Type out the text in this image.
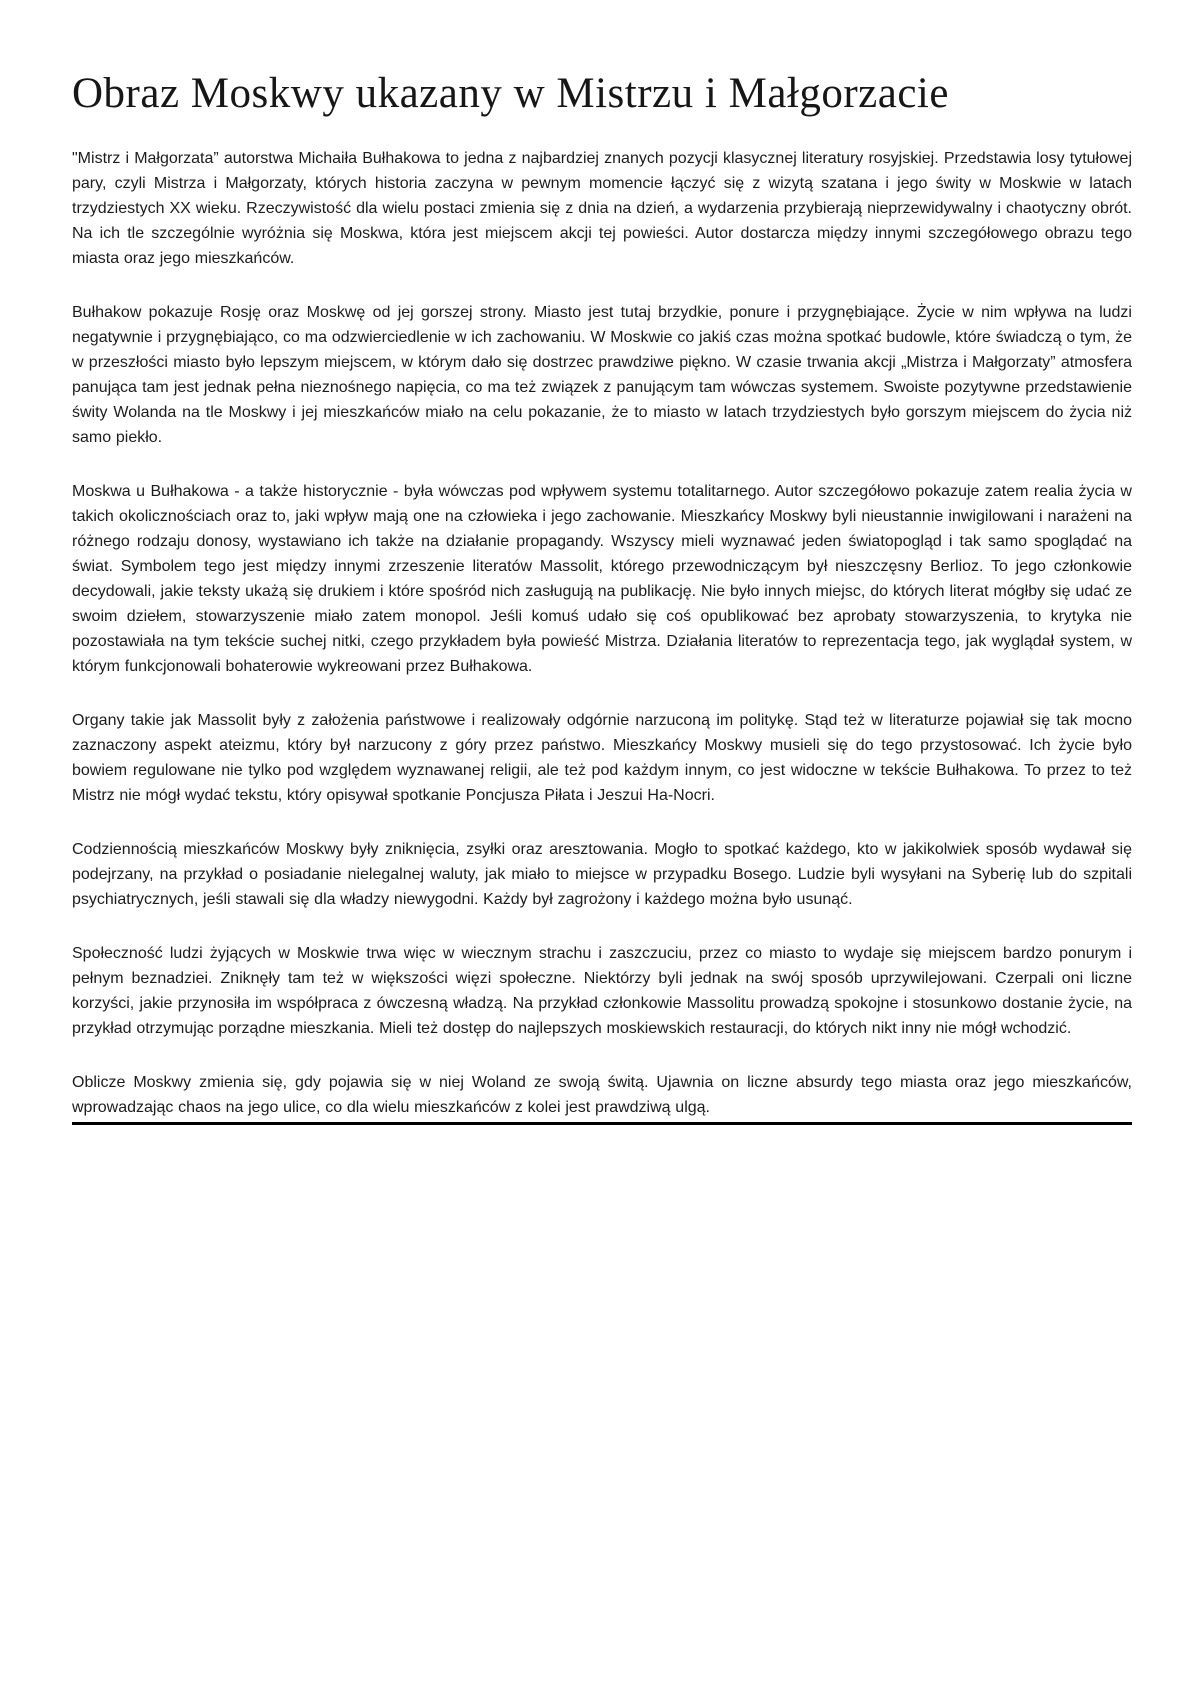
Obraz Moskwy ukazany w Mistrzu i Małgorzacie

"Mistrz i Małgorzata” autorstwa Michaiła Bułhakowa to jedna z najbardziej znanych pozycji klasycznej literatury rosyjskiej. Przedstawia losy tytułowej pary, czyli Mistrza i Małgorzaty, których historia zaczyna w pewnym momencie łączyć się z wizytą szatana i jego świty w Moskwie w latach trzydziestych XX wieku. Rzeczywistość dla wielu postaci zmienia się z dnia na dzień, a wydarzenia przybierają nieprzewidywalny i chaotyczny obrót. Na ich tle szczególnie wyróżnia się Moskwa, która jest miejscem akcji tej powieści. Autor dostarcza między innymi szczegółowego obrazu tego miasta oraz jego mieszkańców.

Bułhakow pokazuje Rosję oraz Moskwę od jej gorszej strony. Miasto jest tutaj brzydkie, ponure i przygnębiające. Życie w nim wpływa na ludzi negatywnie i przygnębiająco, co ma odzwierciedlenie w ich zachowaniu. W Moskwie co jakiś czas można spotkać budowle, które świadczą o tym, że w przeszłości miasto było lepszym miejscem, w którym dało się dostrzec prawdziwe piękno. W czasie trwania akcji „Mistrza i Małgorzaty” atmosfera panująca tam jest jednak pełna nieznośnego napięcia, co ma też związek z panującym tam wówczas systemem. Swoiste pozytywne przedstawienie świty Wolanda na tle Moskwy i jej mieszkańców miało na celu pokazanie, że to miasto w latach trzydziestych było gorszym miejscem do życia niż samo piekło.

Moskwa u Bułhakowa - a także historycznie - była wówczas pod wpływem systemu totalitarnego. Autor szczegółowo pokazuje zatem realia życia w takich okolicznościach oraz to, jaki wpływ mają one na człowieka i jego zachowanie. Mieszkańcy Moskwy byli nieustannie inwigilowani i narażeni na różnego rodzaju donosy, wystawiano ich także na działanie propagandy. Wszyscy mieli wyznawać jeden światopogląd i tak samo spoglądać na świat. Symbolem tego jest między innymi zrzeszenie literatów Massolit, którego przewodniczącym był nieszczęsny Berlioz. To jego członkowie decydowali, jakie teksty ukażą się drukiem i które spośród nich zasługują na publikację. Nie było innych miejsc, do których literat mógłby się udać ze swoim dziełem, stowarzyszenie miało zatem monopol. Jeśli komuś udało się coś opublikować bez aprobaty stowarzyszenia, to krytyka nie pozostawiała na tym tekście suchej nitki, czego przykładem była powieść Mistrza. Działania literatów to reprezentacja tego, jak wyglądał system, w którym funkcjonowali bohaterowie wykreowani przez Bułhakowa.

Organy takie jak Massolit były z założenia państwowe i realizowały odgórnie narzuconą im politykę. Stąd też w literaturze pojawiał się tak mocno zaznaczony aspekt ateizmu, który był narzucony z góry przez państwo. Mieszkańcy Moskwy musieli się do tego przystosować. Ich życie było bowiem regulowane nie tylko pod względem wyznawanej religii, ale też pod każdym innym, co jest widoczne w tekście Bułhakowa. To przez to też Mistrz nie mógł wydać tekstu, który opisywał spotkanie Poncjusza Piłata i Jeszui Ha-Nocri.

Codziennością mieszkańców Moskwy były zniknięcia, zsyłki oraz aresztowania. Mogło to spotkać każdego, kto w jakikolwiek sposób wydawał się podejrzany, na przykład o posiadanie nielegalnej waluty, jak miało to miejsce w przypadku Bosego. Ludzie byli wysyłani na Syberię lub do szpitali psychiatrycznych, jeśli stawali się dla władzy niewygodni. Każdy był zagrożony i każdego można było usunąć.

Społeczność ludzi żyjących w Moskwie trwa więc w wiecznym strachu i zaszczuciu, przez co miasto to wydaje się miejscem bardzo ponurym i pełnym beznadziei. Zniknęły tam też w większości więzi społeczne. Niektórzy byli jednak na swój sposób uprzywilejowani. Czerpali oni liczne korzyści, jakie przynosiła im współpraca z ówczesną władzą. Na przykład członkowie Massolitu prowadzą spokojne i stosunkowo dostanie życie, na przykład otrzymując porządne mieszkania. Mieli też dostęp do najlepszych moskiewskich restauracji, do których nikt inny nie mógł wchodzić.

Oblicze Moskwy zmienia się, gdy pojawia się w niej Woland ze swoją świtą. Ujawnia on liczne absurdy tego miasta oraz jego mieszkańców, wprowadzając chaos na jego ulice, co dla wielu mieszkańców z kolei jest prawdziwą ulgą.
